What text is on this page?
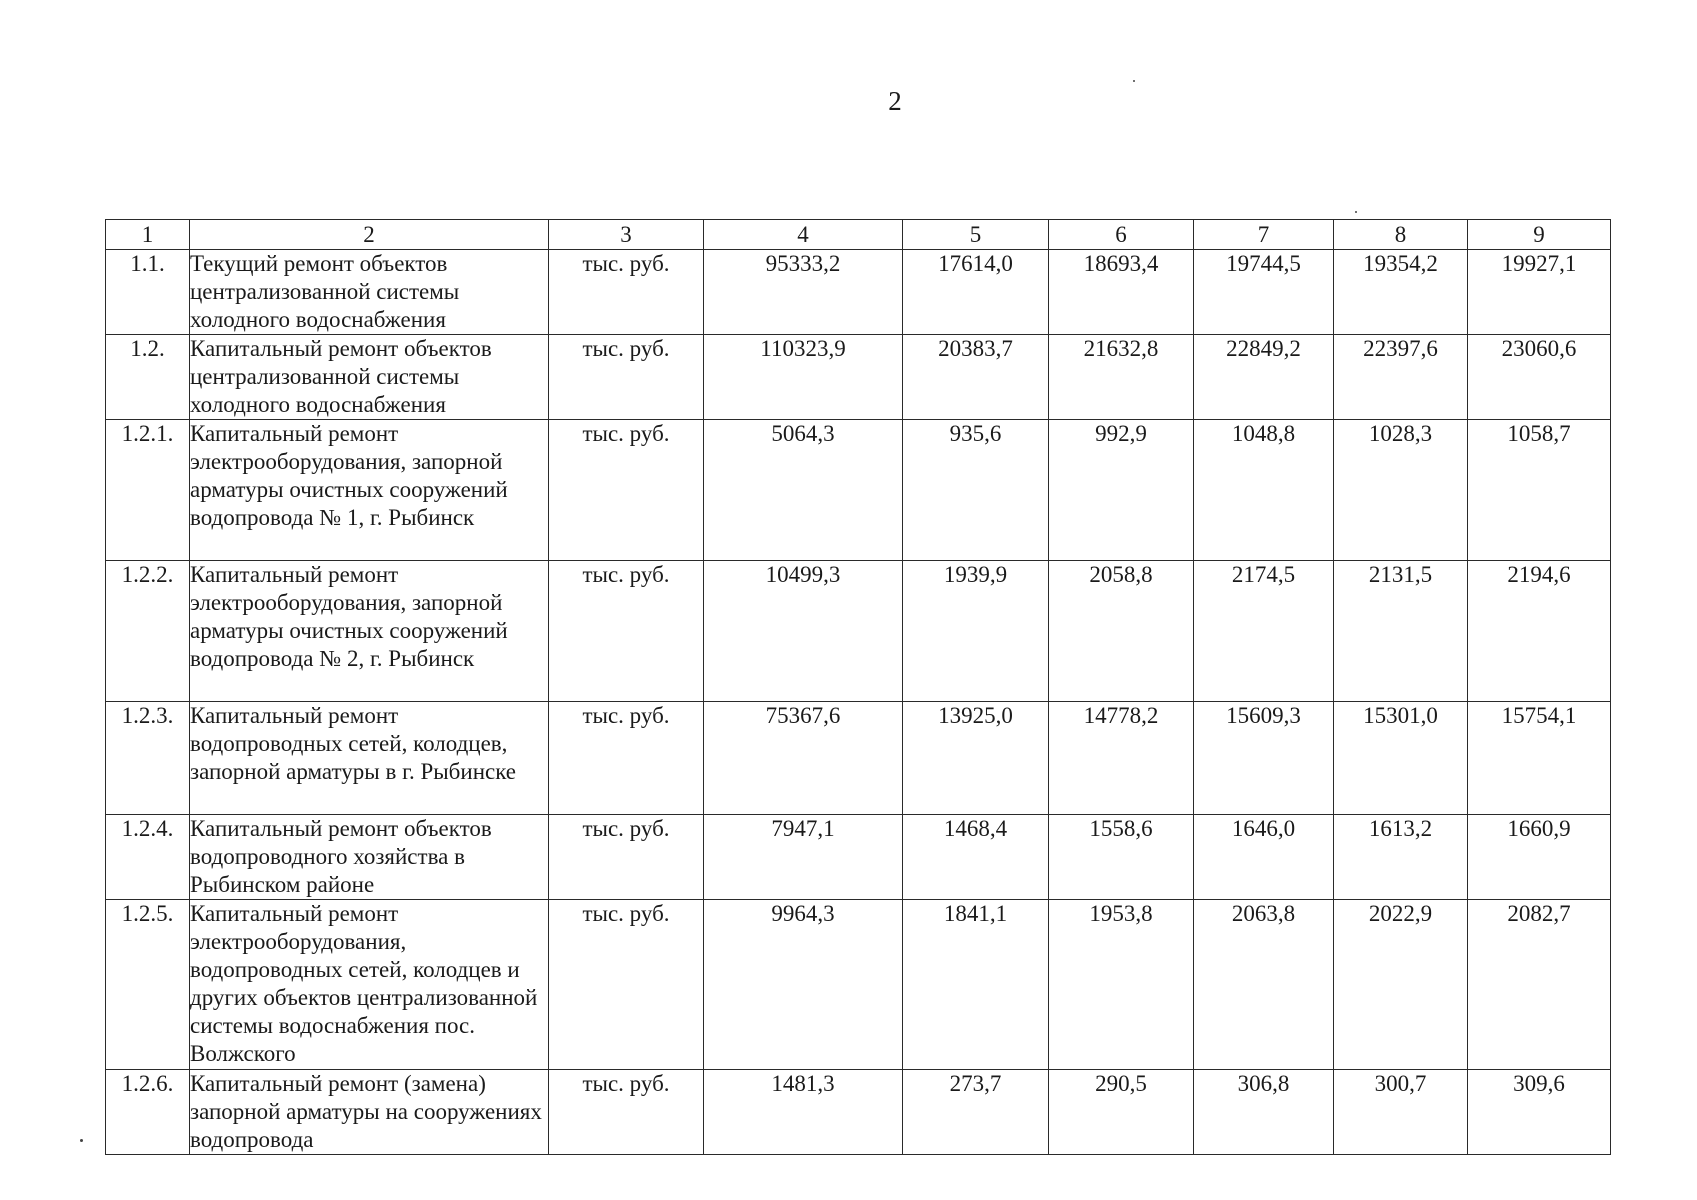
2
1	2	3	4	5	6	7	8	9
1.1.	Текущий ремонт объектов централизованной системы холодного водоснабжения	тыс. руб.	95333,2	17614,0	18693,4	19744,5	19354,2	19927,1
1.2.	Капитальный ремонт объектов централизованной системы холодного водоснабжения	тыс. руб.	110323,9	20383,7	21632,8	22849,2	22397,6	23060,6
1.2.1.	Капитальный ремонт электрооборудования, запорной арматуры очистных сооружений водопровода № 1, г. Рыбинск	тыс. руб.	5064,3	935,6	992,9	1048,8	1028,3	1058,7
1.2.2.	Капитальный ремонт электрооборудования, запорной арматуры очистных сооружений водопровода № 2, г. Рыбинск	тыс. руб.	10499,3	1939,9	2058,8	2174,5	2131,5	2194,6
1.2.3.	Капитальный ремонт водопроводных сетей, колодцев, запорной арматуры в г. Рыбинске	тыс. руб.	75367,6	13925,0	14778,2	15609,3	15301,0	15754,1
1.2.4.	Капитальный ремонт объектов водопроводного хозяйства в Рыбинском районе	тыс. руб.	7947,1	1468,4	1558,6	1646,0	1613,2	1660,9
1.2.5.	Капитальный ремонт электрооборудования, водопроводных сетей, колодцев и других объектов централизованной системы водоснабжения пос. Волжского	тыс. руб.	9964,3	1841,1	1953,8	2063,8	2022,9	2082,7
1.2.6.	Капитальный ремонт (замена) запорной арматуры на сооружениях водопровода	тыс. руб.	1481,3	273,7	290,5	306,8	300,7	309,6
